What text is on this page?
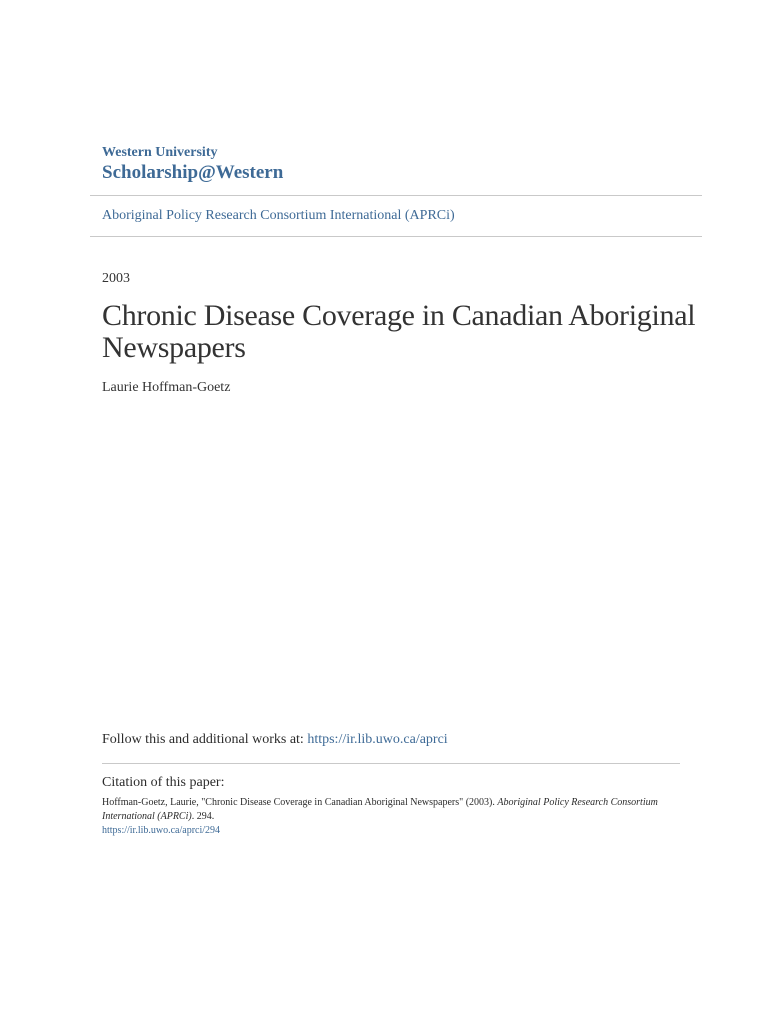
Western University
Scholarship@Western
Aboriginal Policy Research Consortium International (APRCi)
2003
Chronic Disease Coverage in Canadian Aboriginal Newspapers
Laurie Hoffman-Goetz
Follow this and additional works at: https://ir.lib.uwo.ca/aprci
Citation of this paper:
Hoffman-Goetz, Laurie, "Chronic Disease Coverage in Canadian Aboriginal Newspapers" (2003). Aboriginal Policy Research Consortium International (APRCi). 294.
https://ir.lib.uwo.ca/aprci/294
